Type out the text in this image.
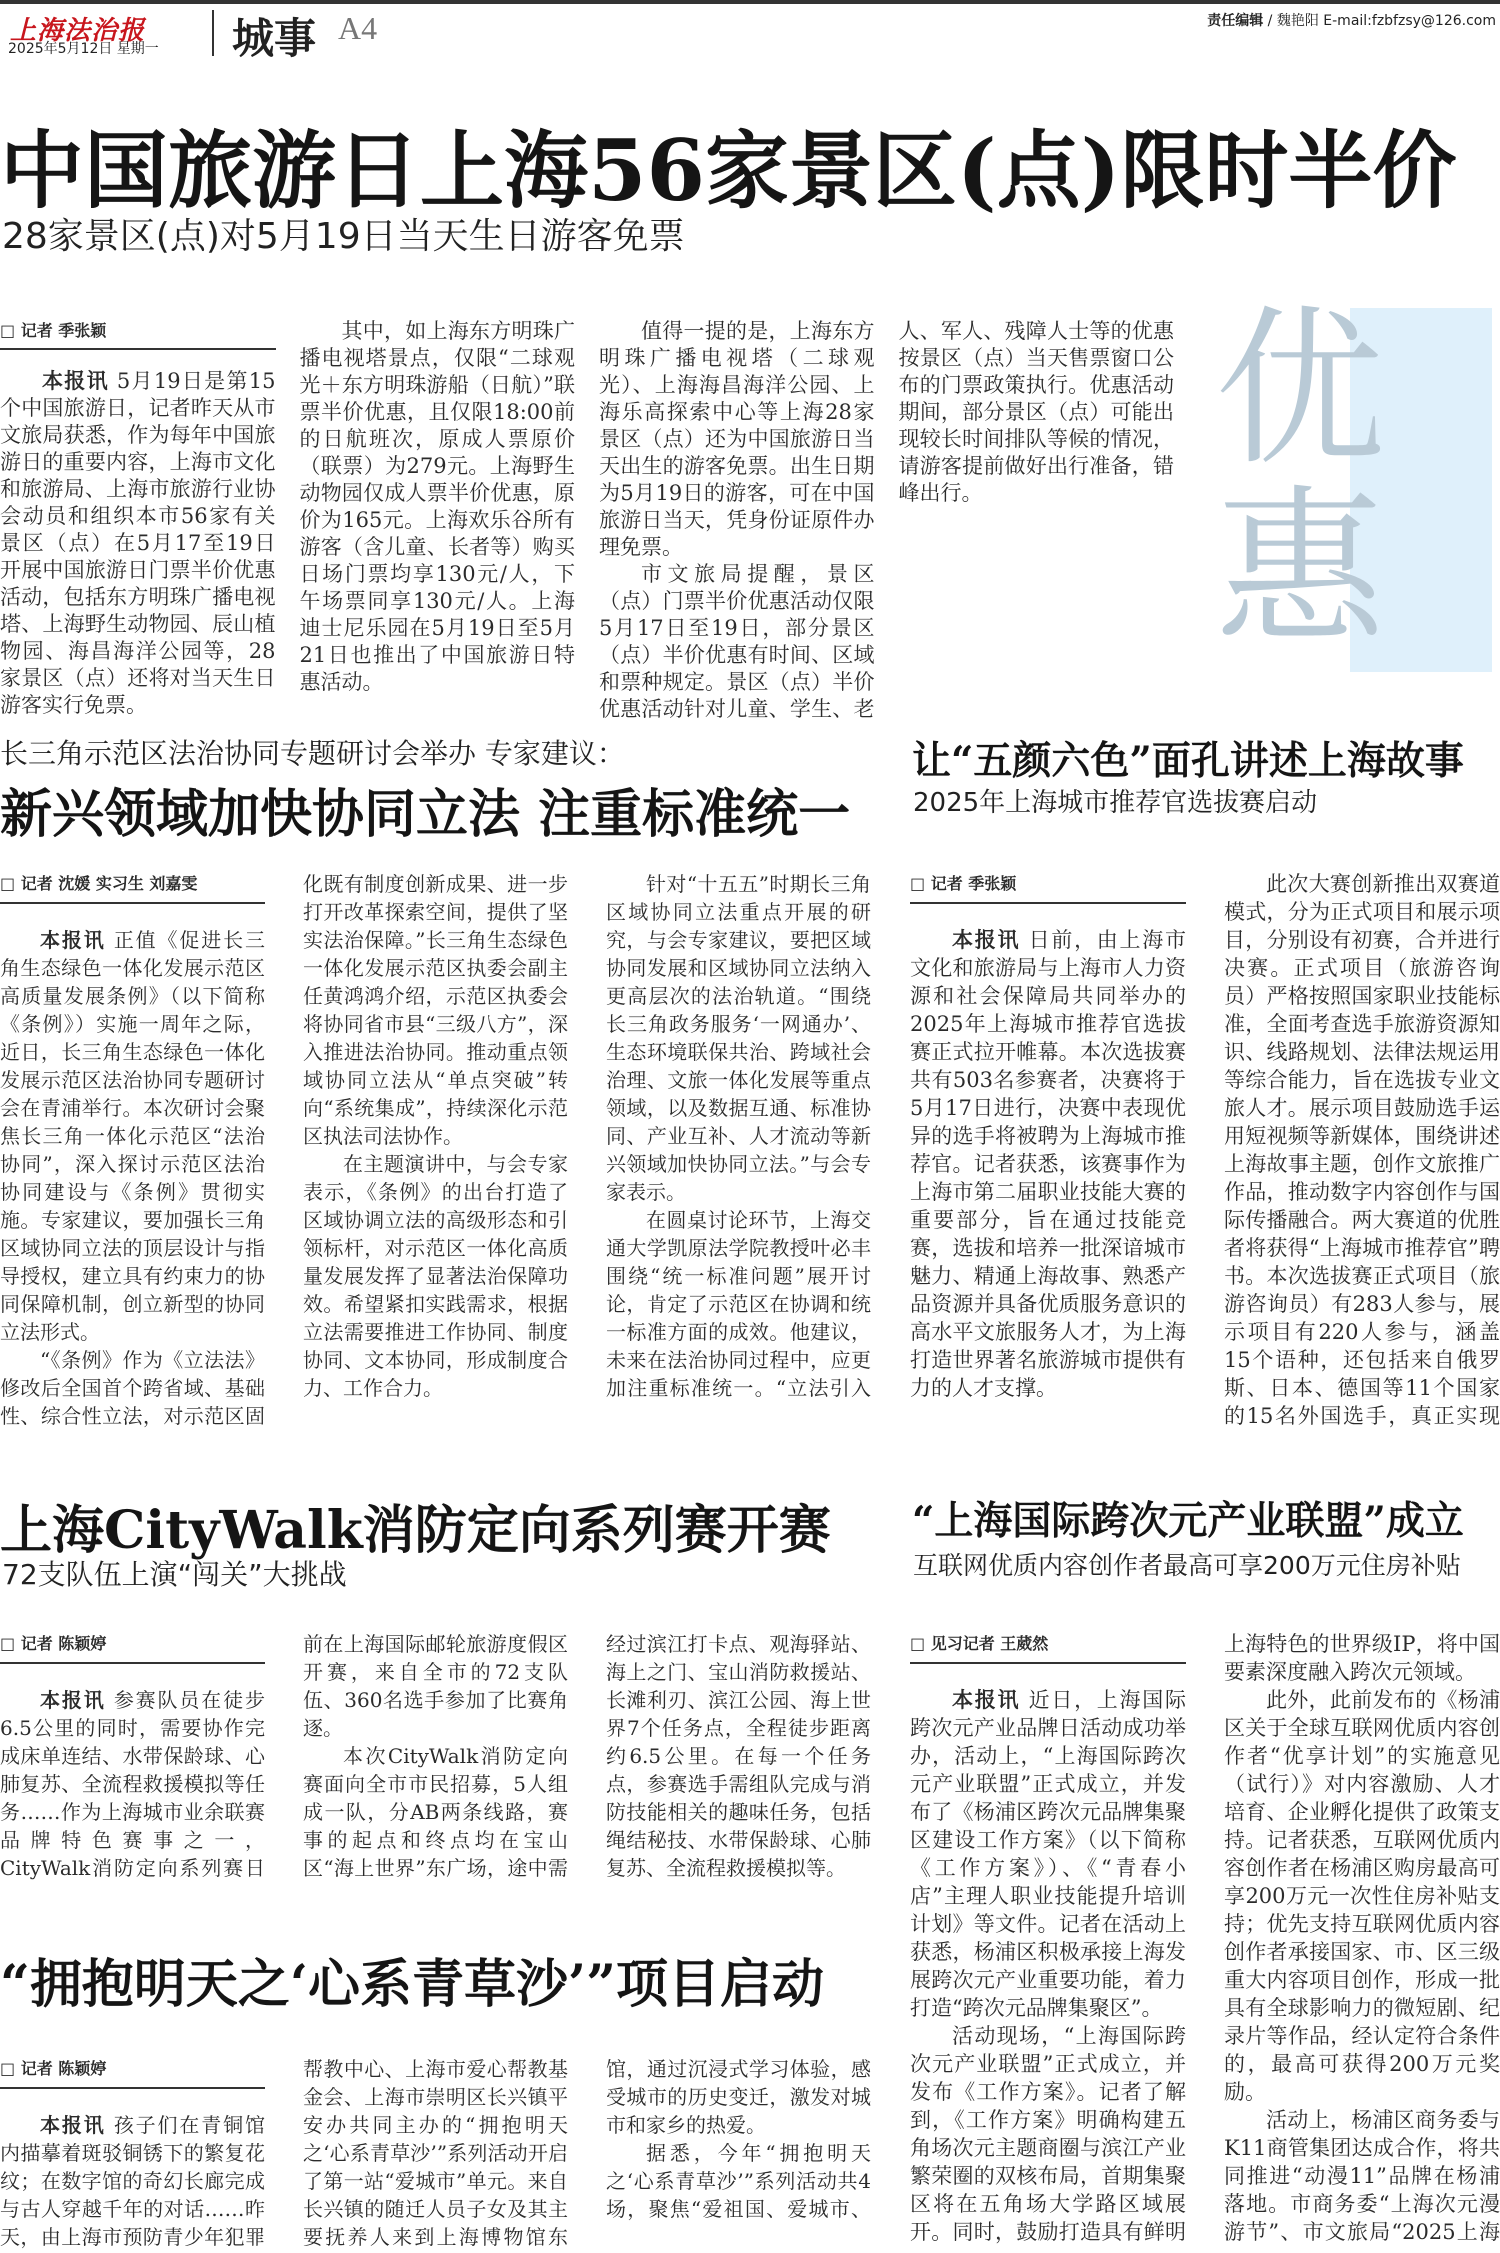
上海法治报
2025年5月12日 星期一 城事 A4	责任编辑 / 魏艳阳 E-mail:fzbfzsy@126.com
中国旅游日上海56家景区(点)限时半价
28家景区(点)对5月19日当天生日游客免票
□ 记者 季张颖

本报讯 5月19日是第15个中国旅游日，记者昨天从市文旅局获悉，作为每年中国旅游日的重要内容，上海市文化和旅游局、上海市旅游行业协会动员和组织本市56家有关景区（点）在5月17至19日开展中国旅游日门票半价优惠活动，包括东方明珠广播电视塔、上海野生动物园、辰山植物园、海昌海洋公园等，28家景区（点）还将对当天生日游客实行免票。

其中，如上海东方明珠广播电视塔景点，仅限“二球观光＋东方明珠游船（日航）”联票半价优惠，且仅限18:00前的日航班次，原成人票原价（联票）为279元。上海野生动物园仅成人票半价优惠，原价为165元。上海欢乐谷所有游客（含儿童、长者等）购买日场门票均享130元/人，下午场票同享130元/人。上海迪士尼乐园在5月19日至5月21日也推出了中国旅游日特惠活动。

值得一提的是，上海东方明珠广播电视塔（二球观光）、上海海昌海洋公园、上海乐高探索中心等上海28家景区（点）还为中国旅游日当天出生的游客免票。出生日期为5月19日的游客，可在中国旅游日当天，凭身份证原件办理免票。

市文旅局提醒，景区（点）门票半价优惠活动仅限5月17日至19日，部分景区（点）半价优惠有时间、区域和票种规定。景区（点）半价优惠活动针对儿童、学生、老人、军人、残障人士等的优惠按景区（点）当天售票窗口公布的门票政策执行。优惠活动期间，部分景区（点）可能出现较长时间排队等候的情况，请游客提前做好出行准备，错峰出行。

优
惠
长三角示范区法治协同专题研讨会举办 专家建议：
新兴领域加快协同立法 注重标准统一
□ 记者 沈媛 实习生 刘嘉雯

本报讯 正值《促进长三角生态绿色一体化发展示范区高质量发展条例》（以下简称《条例》）实施一周年之际，近日，长三角生态绿色一体化发展示范区法治协同专题研讨会在青浦举行。本次研讨会聚焦长三角一体化示范区“法治协同”，深入探讨示范区法治协同建设与《条例》贯彻实施。专家建议，要加强长三角区域协同立法的顶层设计与指导授权，建立具有约束力的协同保障机制，创立新型的协同立法形式。

“《条例》作为《立法法》修改后全国首个跨省域、基础性、综合性立法，对示范区固化既有制度创新成果、进一步打开改革探索空间，提供了坚实法治保障。”长三角生态绿色一体化发展示范区执委会副主任黄鸿鸿介绍，示范区执委会将协同省市县“三级八方”，深入推进法治协同。推动重点领域协同立法从“单点突破”转向“系统集成”，持续深化示范区执法司法协作。

在主题演讲中，与会专家表示，《条例》的出台打造了区域协调立法的高级形态和引领标杆，对示范区一体化高质量发展发挥了显著法治保障功效。希望紧扣实践需求，根据立法需要推进工作协同、制度协同、文本协同，形成制度合力、工作合力。

针对“十五五”时期长三角区域协同立法重点开展的研究，与会专家建议，要把区域协同发展和区域协同立法纳入更高层次的法治轨道。“围绕长三角政务服务‘一网通办’、生态环境联保共治、跨域社会治理、文旅一体化发展等重点领域，以及数据互通、标准协同、产业互补、人才流动等新兴领域加快协同立法。”与会专家表示。

在圆桌讨论环节，上海交通大学凯原法学院教授叶必丰围绕“统一标准问题”展开讨论，肯定了示范区在协调和统一标准方面的成效。他建议，未来在法治协同过程中，应更加注重标准统一。“立法引入

让“五颜六色”面孔讲述上海故事
2025年上海城市推荐官选拔赛启动
□ 记者 季张颖

本报讯 日前，由上海市文化和旅游局与上海市人力资源和社会保障局共同举办的2025年上海城市推荐官选拔赛正式拉开帷幕。本次选拔赛共有503名参赛者，决赛将于5月17日进行，决赛中表现优异的选手将被聘为上海城市推荐官。记者获悉，该赛事作为上海市第二届职业技能大赛的重要部分，旨在通过技能竞赛，选拔和培养一批深谙城市魅力、精通上海故事、熟悉产品资源并具备优质服务意识的高水平文旅服务人才，为上海打造世界著名旅游城市提供有力的人才支撑。

此次大赛创新推出双赛道模式，分为正式项目和展示项目，分别设有初赛，合并进行决赛。正式项目（旅游咨询员）严格按照国家职业技能标准，全面考查选手旅游资源知识、线路规划、法律法规运用等综合能力，旨在选拔专业文旅人才。展示项目鼓励选手运用短视频等新媒体，围绕讲述上海故事主题，创作文旅推广作品，推动数字内容创作与国际传播融合。两大赛道的优胜者将获得“上海城市推荐官”聘书。本次选拔赛正式项目（旅游咨询员）有283人参与，展示项目有220人参与，涵盖15个语种，还包括来自俄罗斯、日本、德国等11个国家的15名外国选手，真正实现

上海CityWalk消防定向系列赛开赛
72支队伍上演“闯关”大挑战
□ 记者 陈颖婷

本报讯 参赛队员在徒步6.5公里的同时，需要协作完成床单连结、水带保龄球、心肺复苏、全流程救援模拟等任务……作为上海城市业余联赛品牌特色赛事之一，CityWalk消防定向系列赛日前在上海国际邮轮旅游度假区开赛，来自全市的72支队伍、360名选手参加了比赛角逐。

本次CityWalk消防定向赛面向全市市民招募，5人组成一队，分AB两条线路，赛事的起点和终点均在宝山区“海上世界”东广场，途中需经过滨江打卡点、观海驿站、海上之门、宝山消防救援站、长滩利刃、滨江公园、海上世界7个任务点，全程徒步距离约6.5公里。在每一个任务点，参赛选手需组队完成与消防技能相关的趣味任务，包括绳结秘技、水带保龄球、心肺复苏、全流程救援模拟等。

“拥抱明天之‘心系青草沙’”项目启动
□ 记者 陈颖婷

本报讯 孩子们在青铜馆内描摹着斑驳铜锈下的繁复花纹；在数字馆的奇幻长廊完成与古人穿越千年的对话……昨天，由上海市预防青少年犯罪帮教中心、上海市爱心帮教基金会、上海市崇明区长兴镇平安办共同主办的“拥抱明天之‘心系青草沙’”系列活动开启了第一站“爱城市”单元。来自长兴镇的随迁人员子女及其主要抚养人来到上海博物馆东馆，通过沉浸式学习体验，感受城市的历史变迁，激发对城市和家乡的热爱。

据悉，今年“拥抱明天之‘心系青草沙’”系列活动共4场，聚焦“爱祖国、爱城市、

“上海国际跨次元产业联盟”成立
互联网优质内容创作者最高可享200万元住房补贴
□ 见习记者 王葳然

本报讯 近日，上海国际跨次元产业品牌日活动成功举办，活动上，“上海国际跨次元产业联盟”正式成立，并发布了《杨浦区跨次元品牌集聚区建设工作方案》（以下简称《工作方案》）、《“青春小店”主理人职业技能提升培训计划》等文件。记者在活动上获悉，杨浦区积极承接上海发展跨次元产业重要功能，着力打造“跨次元品牌集聚区”。

活动现场，“上海国际跨次元产业联盟”正式成立，并发布《工作方案》。记者了解到，《工作方案》明确构建五角场次元主题商圈与滨江产业繁荣圈的双核布局，首期集聚区将在五角场大学路区域展开。同时，鼓励打造具有鲜明上海特色的世界级IP，将中国要素深度融入跨次元领域。

此外，此前发布的《杨浦区关于全球互联网优质内容创作者“优享计划”的实施意见（试行）》对内容激励、人才培育、企业孵化提供了政策支持。记者获悉，互联网优质内容创作者在杨浦区购房最高可享200万元一次性住房补贴支持；优先支持互联网优质内容创作者承接国家、市、区三级重大内容项目创作，形成一批具有全球影响力的微短剧、纪录片等作品，经认定符合条件的，最高可获得200万元奖励。

活动上，杨浦区商务委与K11商管集团达成合作，将共同推进“动漫11”品牌在杨浦落地。市商务委“上海次元漫游节”、市文旅局“2025上海
